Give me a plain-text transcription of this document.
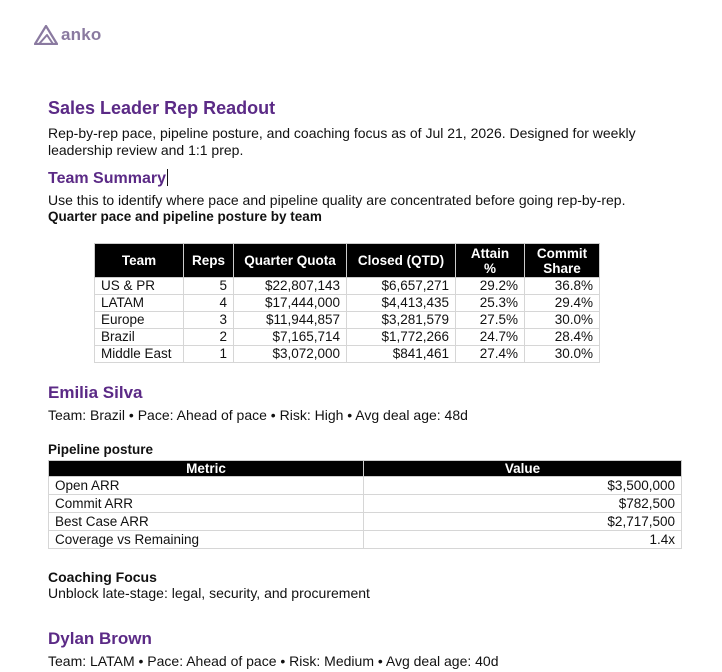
anko
Sales Leader Rep Readout

Rep-by-rep pace, pipeline posture, and coaching focus as of Jul 21, 2026. Designed for weekly leadership review and 1:1 prep.

Team Summary

Use this to identify where pace and pipeline quality are concentrated before going rep-by-rep.

Quarter pace and pipeline posture by team

Team	Reps	Quarter Quota	Closed (QTD)	Attain %	Commit Share
US & PR	5	$22,807,143	$6,657,271	29.2%	36.8%
LATAM	4	$17,444,000	$4,413,435	25.3%	29.4%
Europe	3	$11,944,857	$3,281,579	27.5%	30.0%
Brazil	2	$7,165,714	$1,772,266	24.7%	28.4%
Middle East	1	$3,072,000	$841,461	27.4%	30.0%
Emilia Silva

Team: Brazil • Pace: Ahead of pace • Risk: High • Avg deal age: 48d

Pipeline posture

Metric	Value
Open ARR	$3,500,000
Commit ARR	$782,500
Best Case ARR	$2,717,500
Coverage vs Remaining	1.4x

Coaching Focus

Unblock late-stage: legal, security, and procurement

Dylan Brown

Team: LATAM • Pace: Ahead of pace • Risk: Medium • Avg deal age: 40d
